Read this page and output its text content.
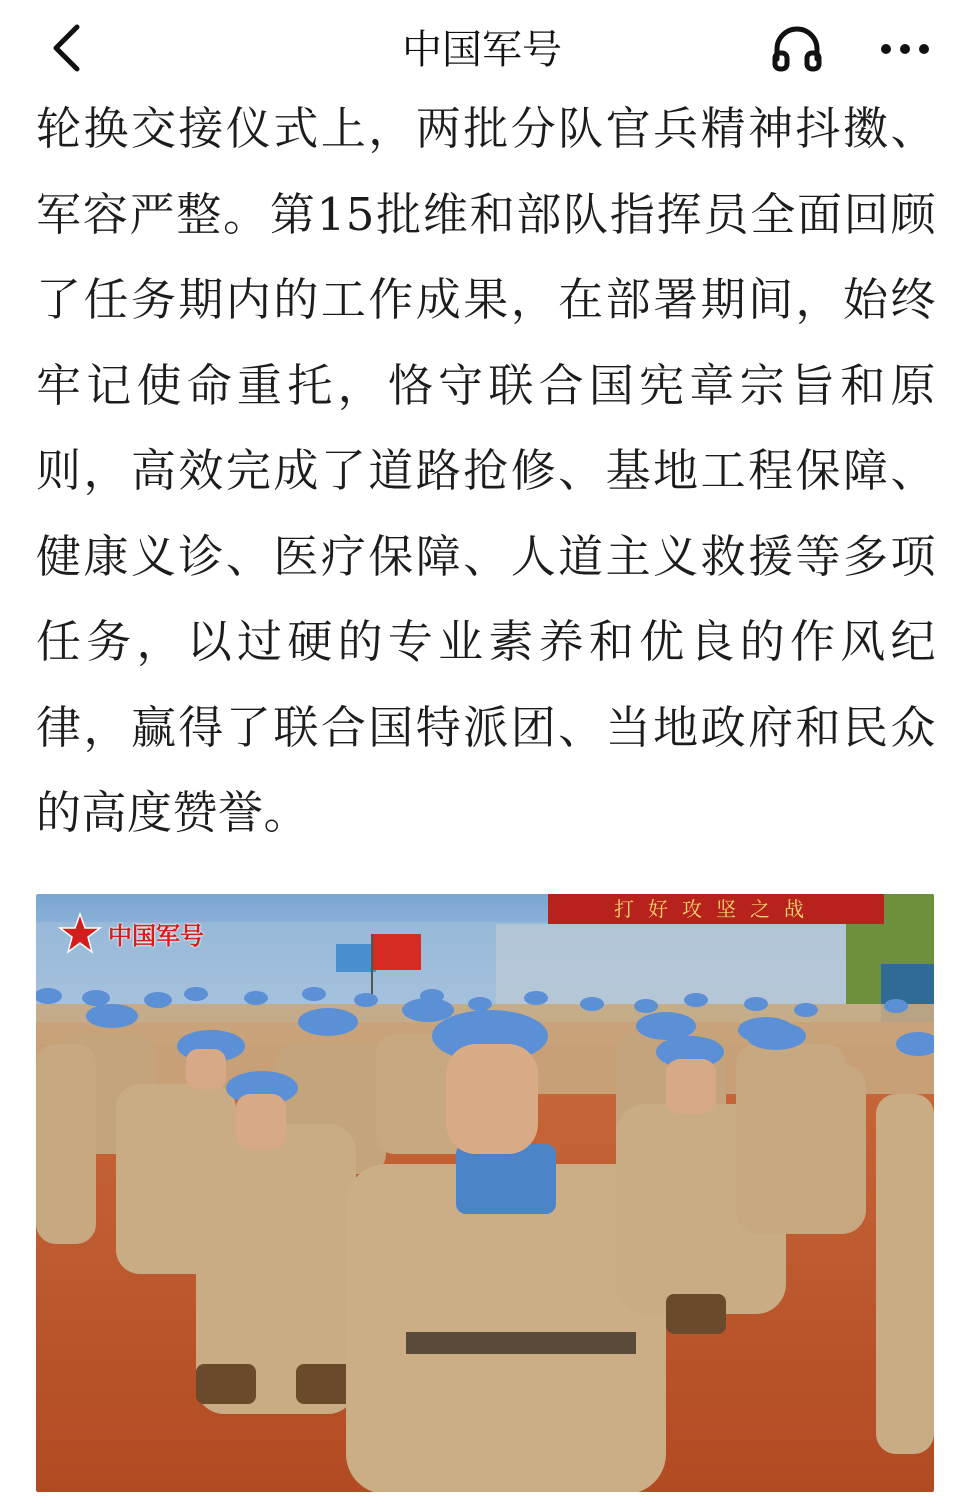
中国军号

轮换交接仪式上，两批分队官兵精神抖擞、军容严整。第15批维和部队指挥员全面回顾了任务期内的工作成果，在部署期间，始终牢记使命重托，恪守联合国宪章宗旨和原则，高效完成了道路抢修、基地工程保障、健康义诊、医疗保障、人道主义救援等多项任务，以过硬的专业素养和优良的作风纪律，赢得了联合国特派团、当地政府和民众的高度赞誉。

打好攻坚之战
中国军号
